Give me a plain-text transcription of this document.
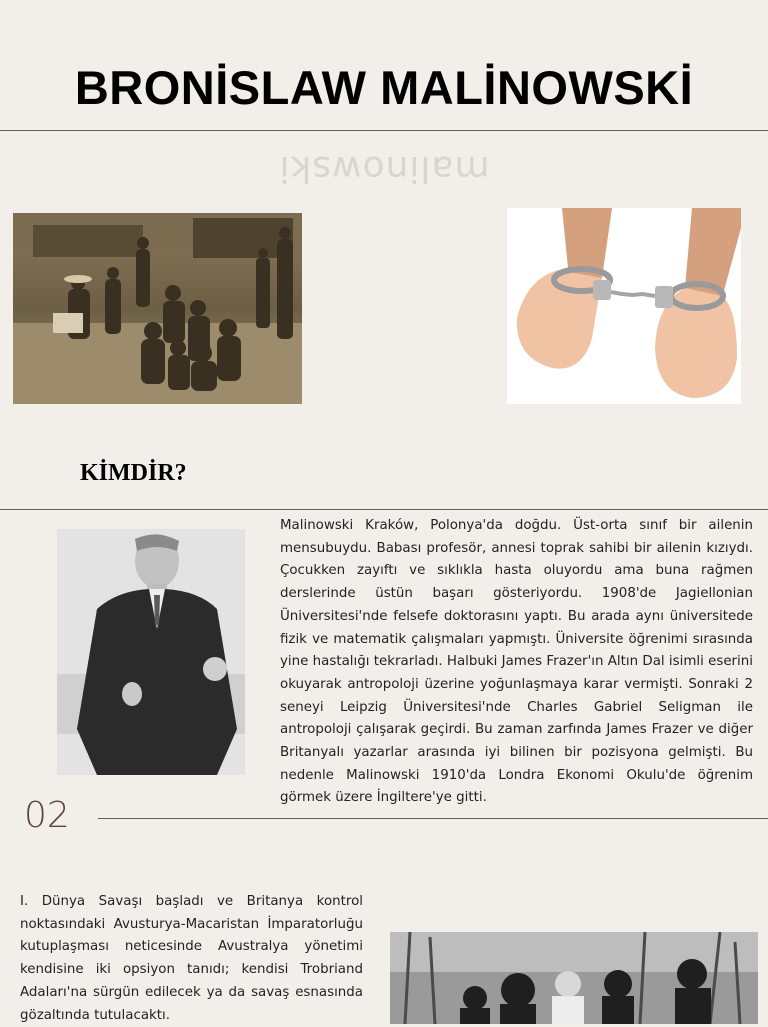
BRONİSLAW MALİNOWSKİ
malinowski
KİMDİR?

Malinowski Kraków, Polonya'da doğdu. Üst-orta sınıf bir ailenin mensubuydu. Babası profesör, annesi toprak sahibi bir ailenin kızıydı. Çocukken zayıftı ve sıklıkla hasta oluyordu ama buna rağmen derslerinde üstün başarı gösteriyordu. 1908'de Jagiellonian Üniversitesi'nde felsefe doktorasını yaptı. Bu arada aynı üniversitede fizik ve matematik çalışmaları yapmıştı. Üniversite öğrenimi sırasında yine hastalığı tekrarladı. Halbuki James Frazer'ın Altın Dal isimli eserini okuyarak antropoloji üzerine yoğunlaşmaya karar vermişti. Sonraki 2 seneyi Leipzig Üniversitesi'nde Charles Gabriel Seligman ile antropoloji çalışarak geçirdi. Bu zaman zarfında James Frazer ve diğer Britanyalı yazarlar arasında iyi bilinen bir pozisyona gelmişti. Bu nedenle Malinowski 1910'da Londra Ekonomi Okulu'de öğrenim görmek üzere İngiltere'ye gitti.

02

I. Dünya Savaşı başladı ve Britanya kontrol noktasındaki Avusturya-Macaristan İmparatorluğu kutuplaşması neticesinde Avustralya yönetimi kendisine iki opsiyon tanıdı; kendisi Trobriand Adaları'na sürgün edilecek ya da savaş esnasında gözaltında tutulacaktı.
